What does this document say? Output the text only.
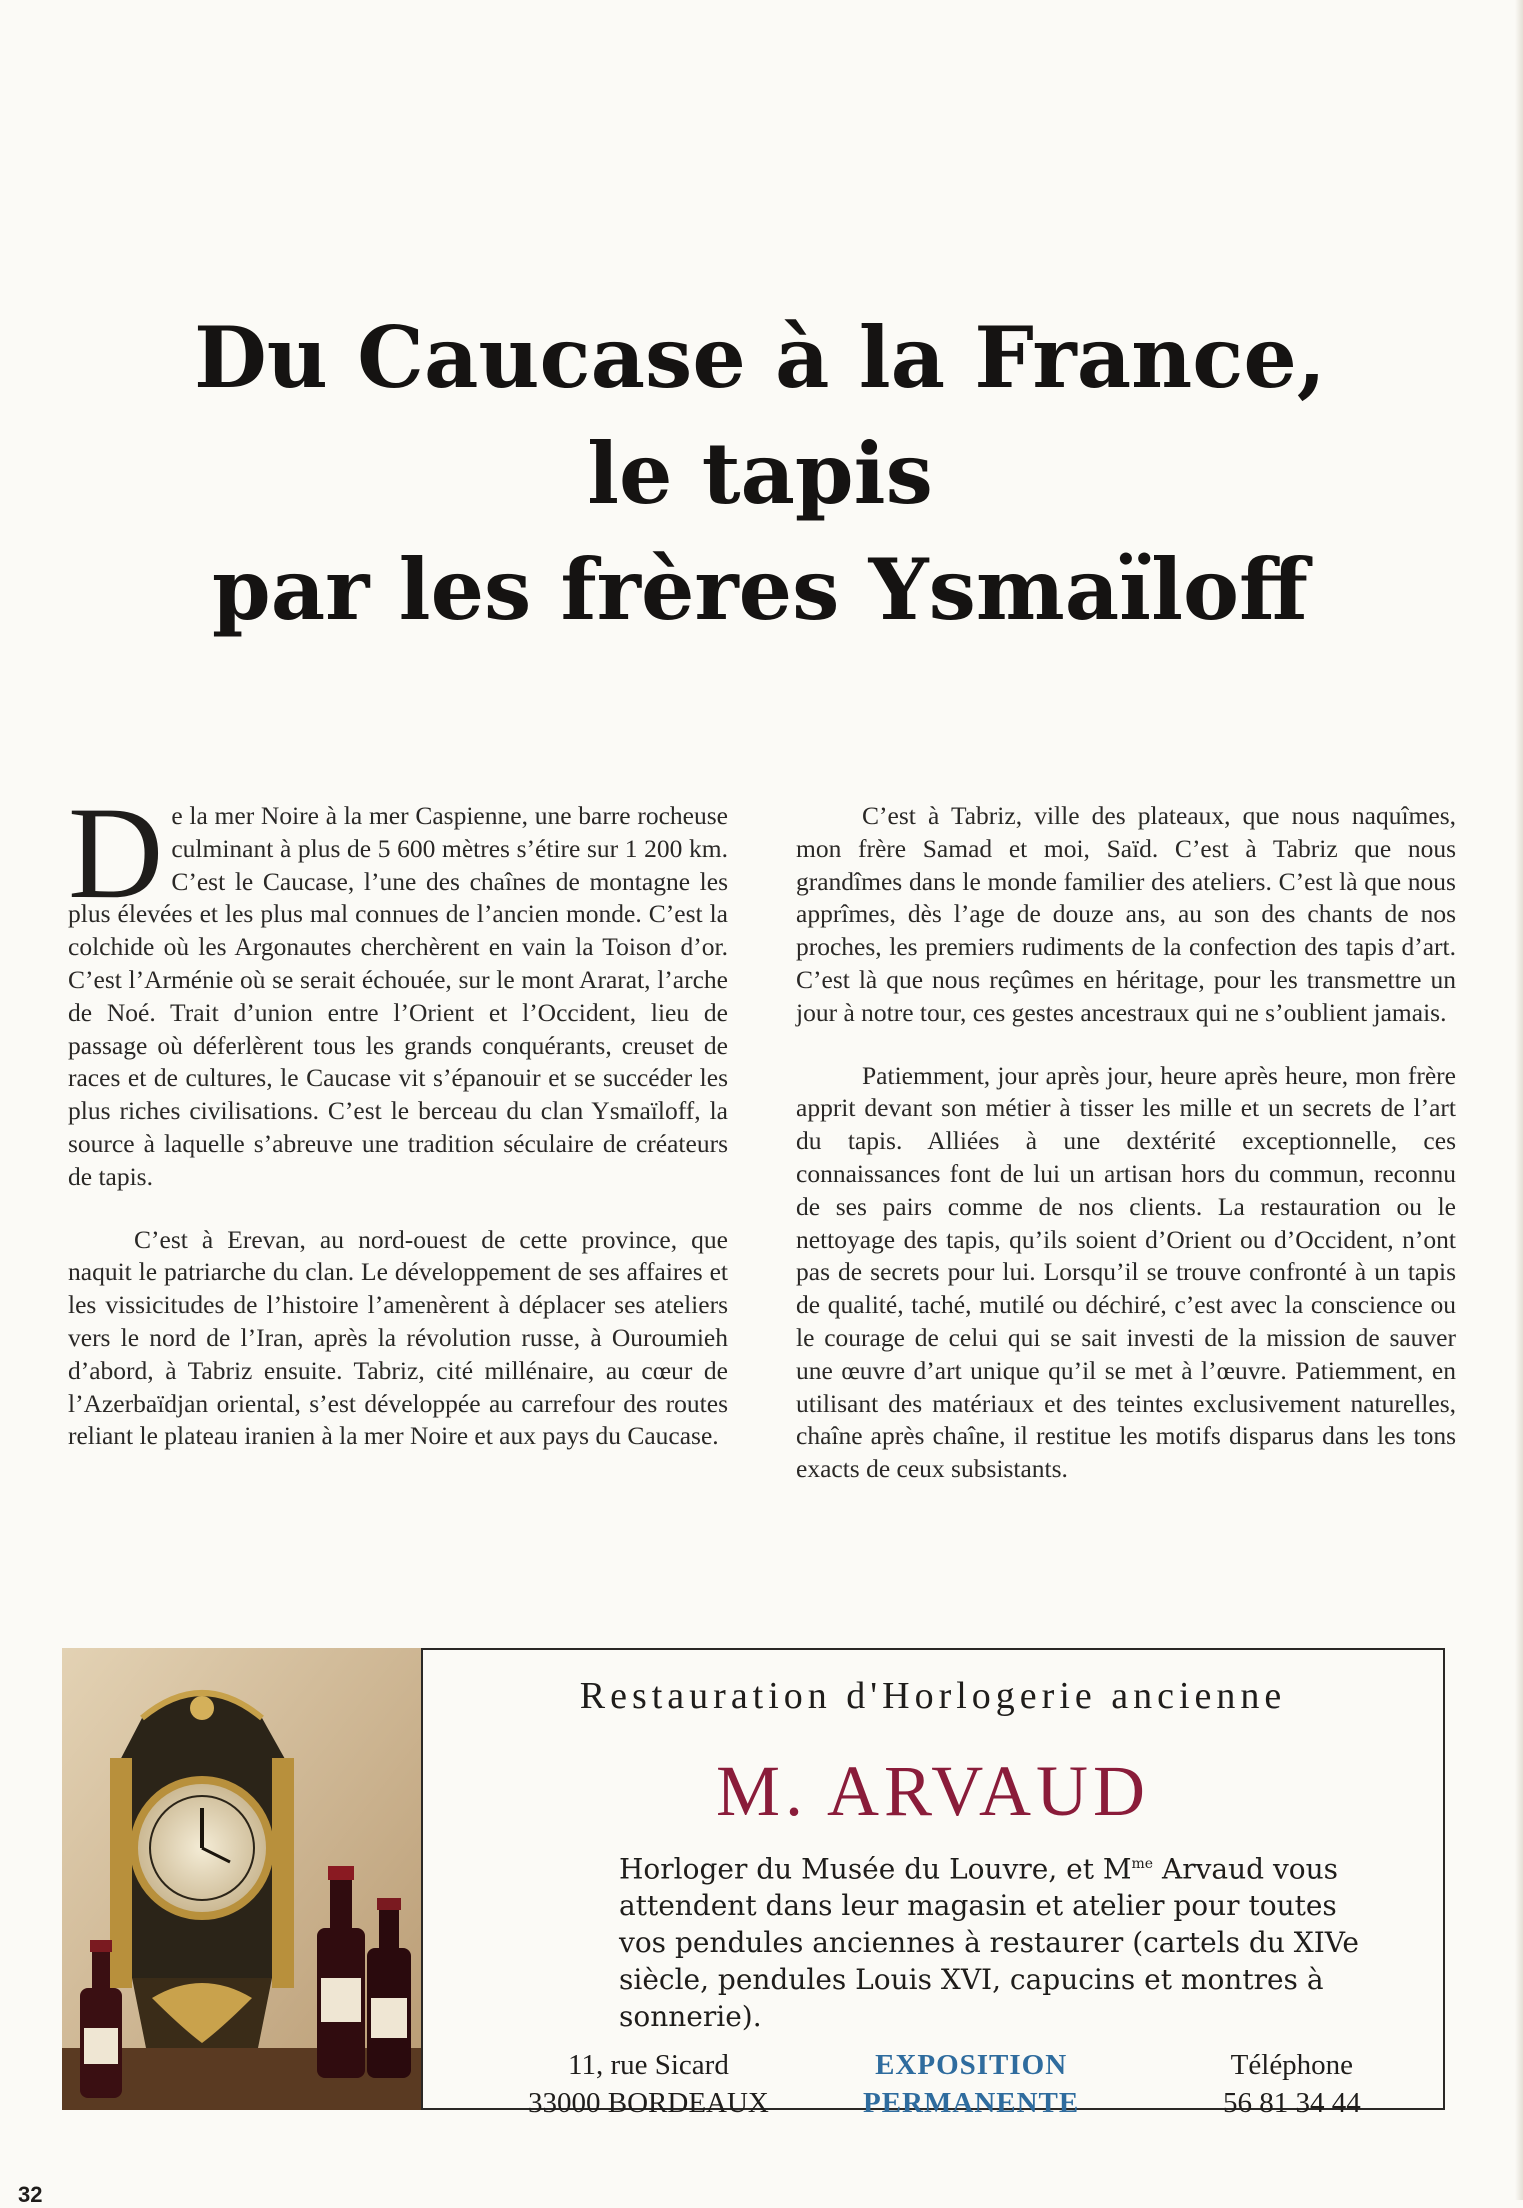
Du Caucase à la France,
le tapis
par les frères Ysmaïloff

De la mer Noire à la mer Caspienne, une barre rocheuse culminant à plus de 5 600 mètres s’étire sur 1 200 km. C’est le Caucase, l’une des chaînes de montagne les plus élevées et les plus mal connues de l’ancien monde. C’est la colchide où les Argonautes cherchèrent en vain la Toison d’or. C’est l’Arménie où se serait échouée, sur le mont Ararat, l’arche de Noé. Trait d’union entre l’Orient et l’Occident, lieu de passage où déferlèrent tous les grands conquérants, creuset de races et de cultures, le Caucase vit s’épanouir et se succéder les plus riches civilisations. C’est le berceau du clan Ysmaïloff, la source à laquelle s’abreuve une tradition séculaire de créateurs de tapis.

C’est à Erevan, au nord-ouest de cette province, que naquit le patriarche du clan. Le développement de ses affaires et les vissicitudes de l’histoire l’amenèrent à déplacer ses ateliers vers le nord de l’Iran, après la révolution russe, à Ouroumieh d’abord, à Tabriz ensuite. Tabriz, cité millénaire, au cœur de l’Azerbaïdjan oriental, s’est développée au carrefour des routes reliant le plateau iranien à la mer Noire et aux pays du Caucase.

C’est à Tabriz, ville des plateaux, que nous naquîmes, mon frère Samad et moi, Saïd. C’est à Tabriz que nous grandîmes dans le monde familier des ateliers. C’est là que nous apprîmes, dès l’age de douze ans, au son des chants de nos proches, les premiers rudiments de la confection des tapis d’art. C’est là que nous reçûmes en héritage, pour les transmettre un jour à notre tour, ces gestes ancestraux qui ne s’oublient jamais.

Patiemment, jour après jour, heure après heure, mon frère apprit devant son métier à tisser les mille et un secrets de l’art du tapis. Alliées à une dextérité exceptionnelle, ces connaissances font de lui un artisan hors du commun, reconnu de ses pairs comme de nos clients. La restauration ou le nettoyage des tapis, qu’ils soient d’Orient ou d’Occident, n’ont pas de secrets pour lui. Lorsqu’il se trouve confronté à un tapis de qualité, taché, mutilé ou déchiré, c’est avec la conscience ou le courage de celui qui se sait investi de la mission de sauver une œuvre d’art unique qu’il se met à l’œuvre. Patiemment, en utilisant des matériaux et des teintes exclusivement naturelles, chaîne après chaîne, il restitue les motifs disparus dans les tons exacts de ceux subsistants.

Restauration d'Horlogerie ancienne
M. ARVAUD
Horloger du Musée du Louvre, et $M^{me}$ Arvaud vous attendent dans leur magasin et atelier pour toutes vos pendules anciennes à restaurer (cartels du XIVe siècle, pendules Louis XVI, capucins et montres à sonnerie).
11, rue Sicard
33000 BORDEAUX
EXPOSITION
PERMANENTE
Téléphone
56 81 34 44
32
